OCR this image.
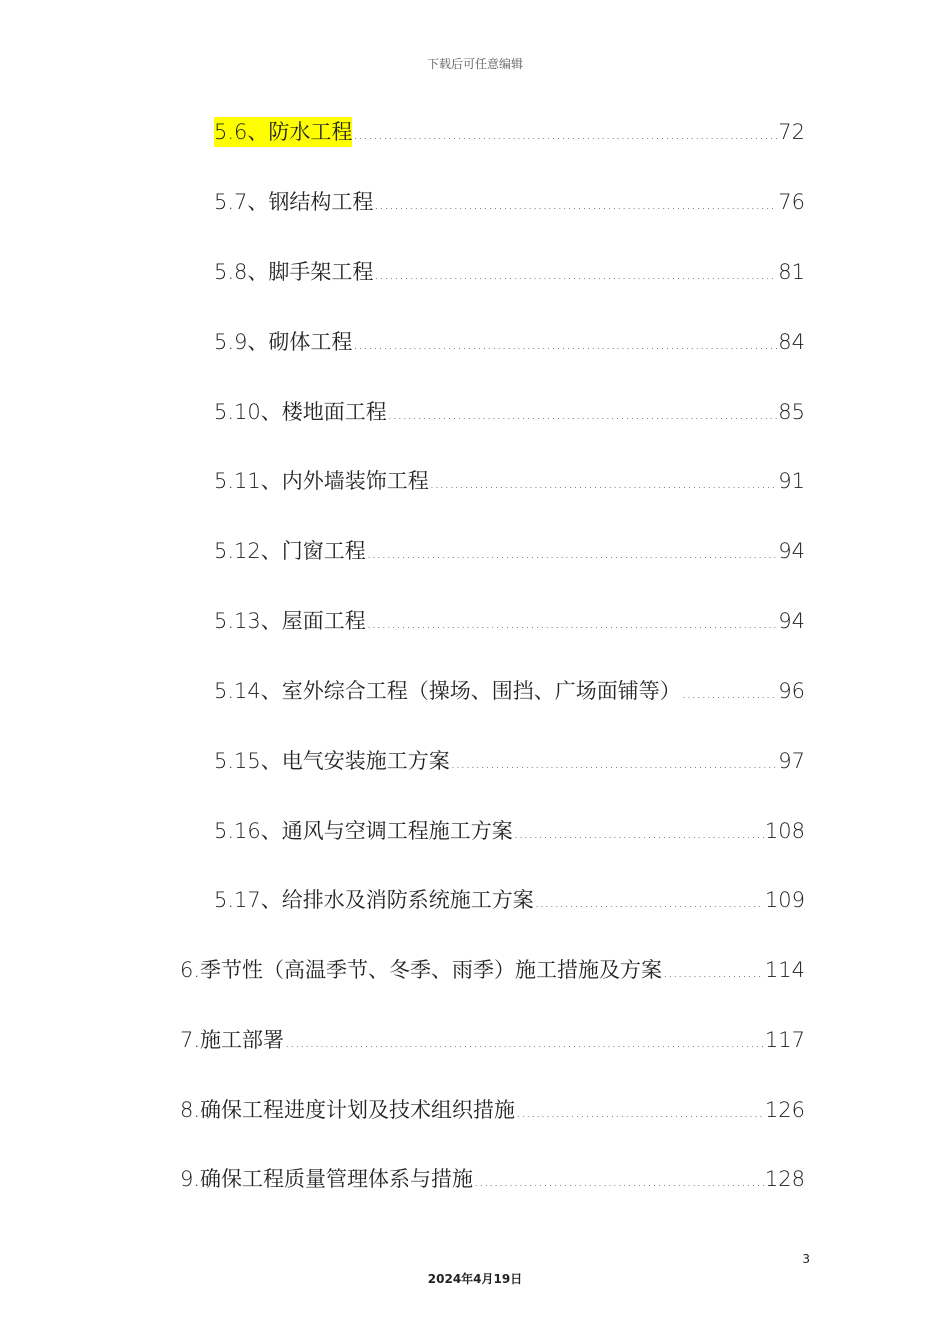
下载后可任意编辑
5.6、防水工程 .....	72
5.7、钢结构工程 .....	76
5.8、脚手架工程 .....	81
5.9、砌体工程 .....	84
5.10、楼地面工程 .....	85
5.11、内外墙装饰工程 .....	91
5.12、门窗工程 .....	94
5.13、屋面工程 .....	94
5.14、室外综合工程（操场、围挡、广场面铺等） .....	96
5.15、电气安装施工方案 .....	97
5.16、通风与空调工程施工方案 .....	108
5.17、给排水及消防系统施工方案 .....	109
6.季节性（高温季节、冬季、雨季）施工措施及方案 .....	114
7.施工部署 .....	117
8.确保工程进度计划及技术组织措施 .....	126
9.确保工程质量管理体系与措施 .....	128
3
2024年4月19日
